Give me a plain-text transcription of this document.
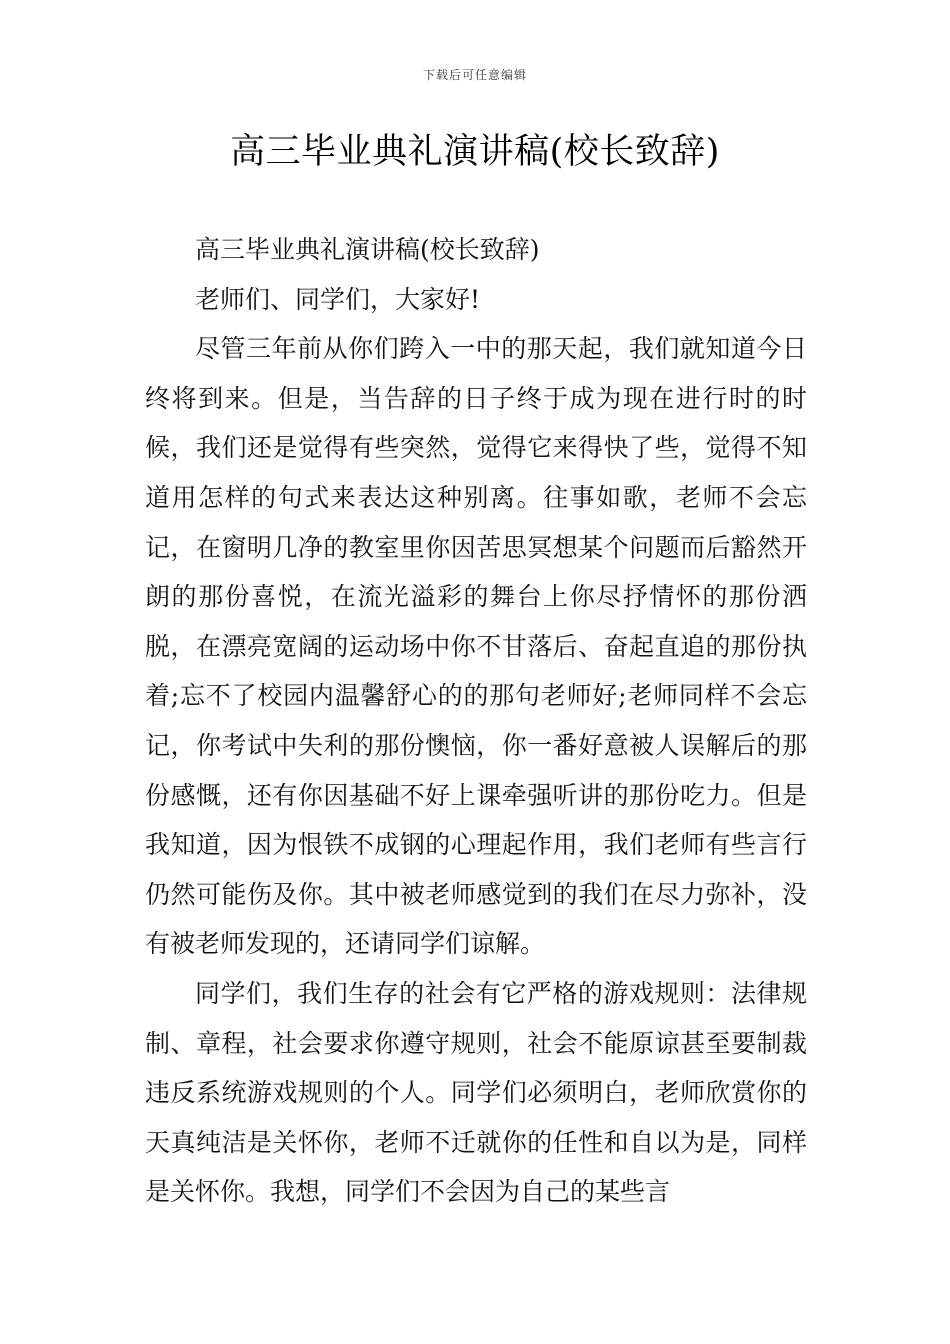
下载后可任意编辑
高三毕业典礼演讲稿(校长致辞)

高三毕业典礼演讲稿(校长致辞)

老师们、同学们，大家好!

尽管三年前从你们跨入一中的那天起，我们就知道今日终将到来。但是，当告辞的日子终于成为现在进行时的时候，我们还是觉得有些突然，觉得它来得快了些，觉得不知道用怎样的句式来表达这种别离。往事如歌，老师不会忘记，在窗明几净的教室里你因苦思冥想某个问题而后豁然开朗的那份喜悦，在流光溢彩的舞台上你尽抒情怀的那份洒脱，在漂亮宽阔的运动场中你不甘落后、奋起直追的那份执着;忘不了校园内温馨舒心的的那句老师好;老师同样不会忘记，你考试中失利的那份懊恼，你一番好意被人误解后的那份感慨，还有你因基础不好上课牵强听讲的那份吃力。但是我知道，因为恨铁不成钢的心理起作用，我们老师有些言行仍然可能伤及你。其中被老师感觉到的我们在尽力弥补，没有被老师发现的，还请同学们谅解。

同学们，我们生存的社会有它严格的游戏规则：法律规制、章程，社会要求你遵守规则，社会不能原谅甚至要制裁违反系统游戏规则的个人。同学们必须明白，老师欣赏你的天真纯洁是关怀你，老师不迁就你的任性和自以为是，同样是关怀你。我想，同学们不会因为自己的某些言
